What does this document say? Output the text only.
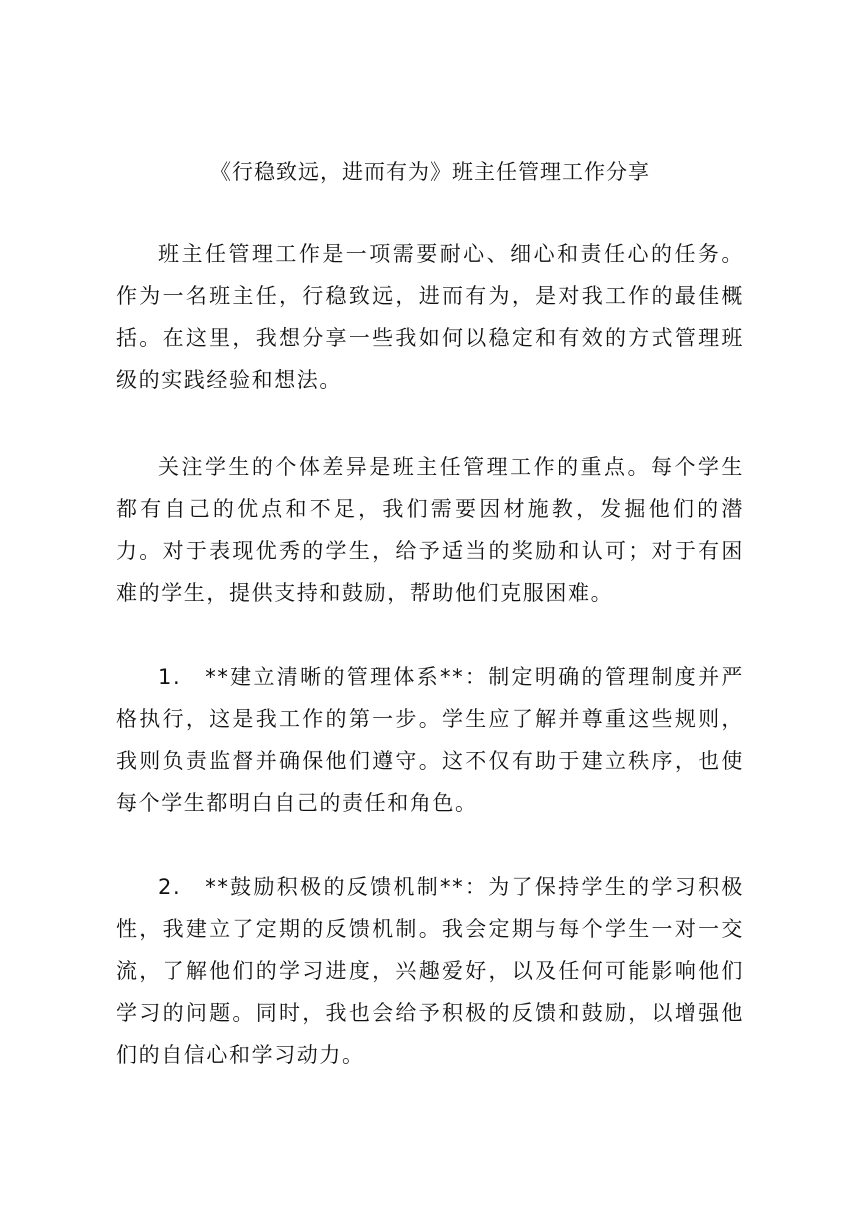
《行稳致远，进而有为》班主任管理工作分享

班主任管理工作是一项需要耐心、细心和责任心的任务。作为一名班主任，行稳致远，进而有为，是对我工作的最佳概括。在这里，我想分享一些我如何以稳定和有效的方式管理班级的实践经验和想法。

关注学生的个体差异是班主任管理工作的重点。每个学生都有自己的优点和不足，我们需要因材施教，发掘他们的潜力。对于表现优秀的学生，给予适当的奖励和认可；对于有困难的学生，提供支持和鼓励，帮助他们克服困难。

1.　**建立清晰的管理体系**：制定明确的管理制度并严格执行，这是我工作的第一步。学生应了解并尊重这些规则，我则负责监督并确保他们遵守。这不仅有助于建立秩序，也使每个学生都明白自己的责任和角色。

2.　**鼓励积极的反馈机制**：为了保持学生的学习积极性，我建立了定期的反馈机制。我会定期与每个学生一对一交流，了解他们的学习进度，兴趣爱好，以及任何可能影响他们学习的问题。同时，我也会给予积极的反馈和鼓励，以增强他们的自信心和学习动力。
